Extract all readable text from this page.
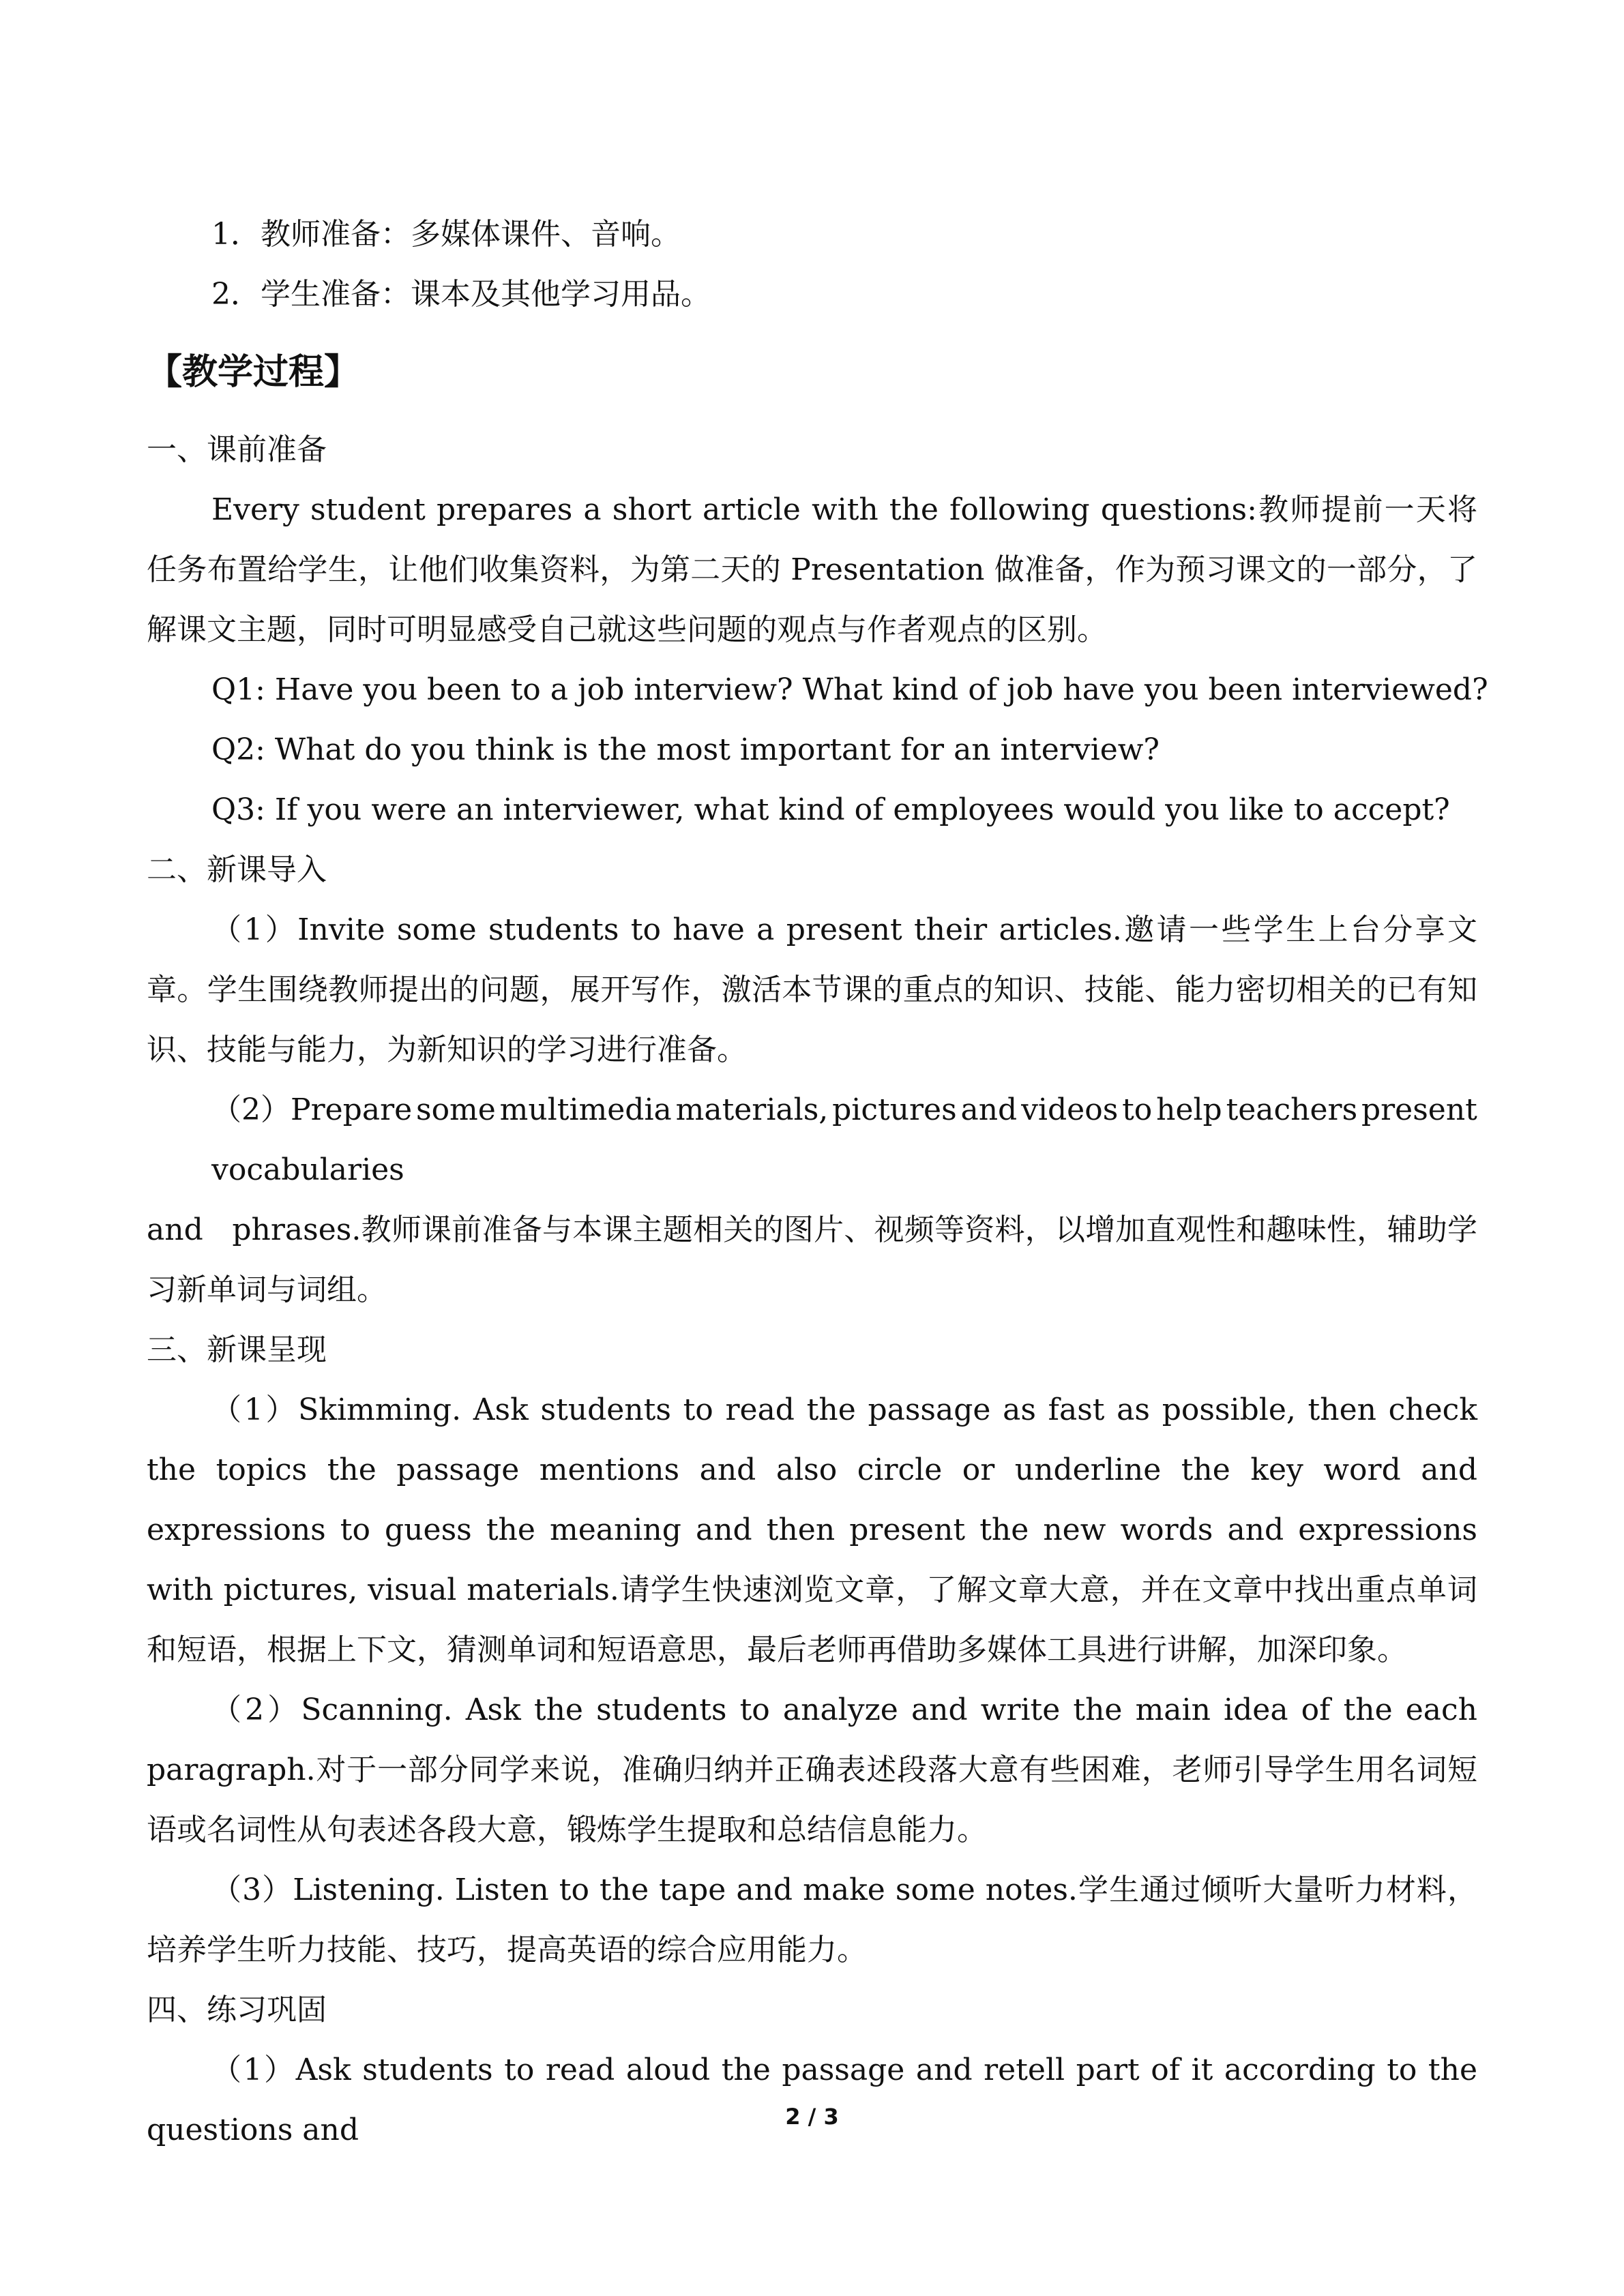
1．教师准备：多媒体课件、音响。
2．学生准备：课本及其他学习用品。
【教学过程】
一、课前准备
Every student prepares a short article with the following questions:教师提前一天将任务布置给学生，让他们收集资料，为第二天的 Presentation 做准备，作为预习课文的一部分，了解课文主题，同时可明显感受自己就这些问题的观点与作者观点的区别。
Q1: Have you been to a job interview? What kind of job have you been interviewed?
Q2: What do you think is the most important for an interview?
Q3: If you were an interviewer, what kind of employees would you like to accept?
二、新课导入
（1）Invite some students to have a present their articles.邀请一些学生上台分享文章。学生围绕教师提出的问题，展开写作，激活本节课的重点的知识、技能、能力密切相关的已有知识、技能与能力，为新知识的学习进行准备。
（2）Prepare some multimedia materials, pictures and videos to help teachers present
vocabularies
and   phrases.教师课前准备与本课主题相关的图片、视频等资料，以增加直观性和趣味性，辅助学习新单词与词组。
三、新课呈现
（1）Skimming. Ask students to read the passage as fast as possible, then check the topics the passage mentions and also circle or underline the key word and expressions to guess the meaning and then present the new words and expressions with pictures, visual materials.请学生快速浏览文章，了解文章大意，并在文章中找出重点单词和短语，根据上下文，猜测单词和短语意思，最后老师再借助多媒体工具进行讲解，加深印象。
（2）Scanning. Ask the students to analyze and write the main idea of the each paragraph.对于一部分同学来说，准确归纳并正确表述段落大意有些困难，老师引导学生用名词短语或名词性从句表述各段大意，锻炼学生提取和总结信息能力。
（3）Listening. Listen to the tape and make some notes.学生通过倾听大量听力材料，培养学生听力技能、技巧，提高英语的综合应用能力。
四、练习巩固
（1）Ask students to read aloud the passage and retell part of it according to the questions and	2 / 3
